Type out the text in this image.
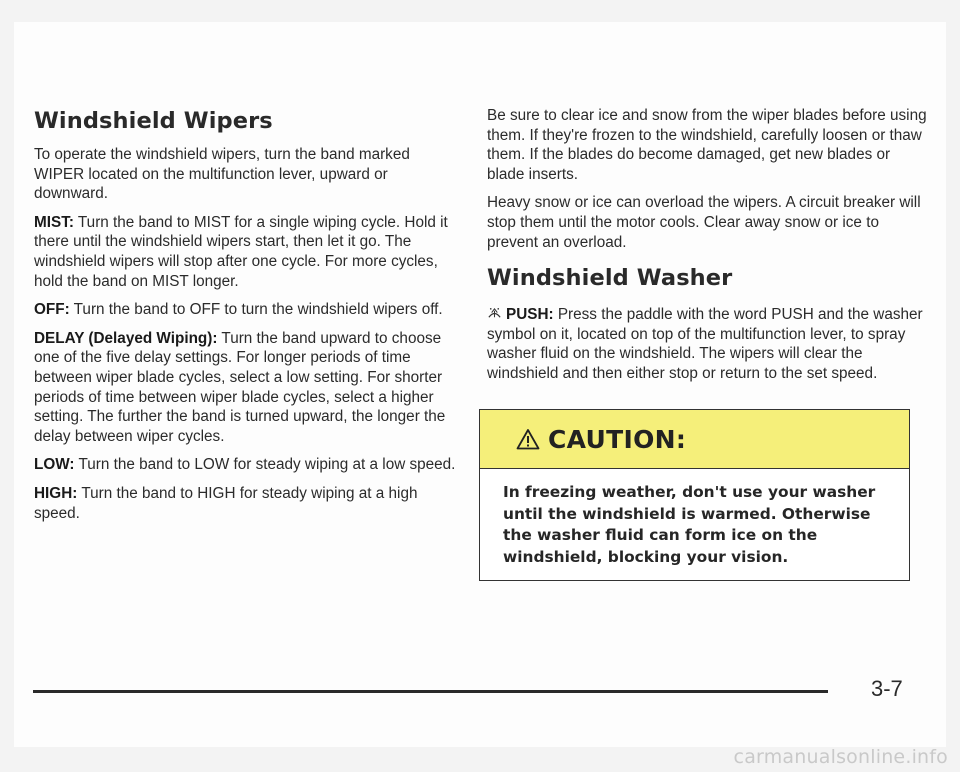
Windshield Wipers

To operate the windshield wipers, turn the band marked WIPER located on the multifunction lever, upward or downward.

MIST: Turn the band to MIST for a single wiping cycle. Hold it there until the windshield wipers start, then let it go. The windshield wipers will stop after one cycle. For more cycles, hold the band on MIST longer.

OFF: Turn the band to OFF to turn the windshield wipers off.

DELAY (Delayed Wiping): Turn the band upward to choose one of the five delay settings. For longer periods of time between wiper blade cycles, select a low setting. For shorter periods of time between wiper blade cycles, select a higher setting. The further the band is turned upward, the longer the delay between wiper cycles.

LOW: Turn the band to LOW for steady wiping at a low speed.

HIGH: Turn the band to HIGH for steady wiping at a high speed.

Be sure to clear ice and snow from the wiper blades before using them. If they're frozen to the windshield, carefully loosen or thaw them. If the blades do become damaged, get new blades or blade inserts.

Heavy snow or ice can overload the wipers. A circuit breaker will stop them until the motor cools. Clear away snow or ice to prevent an overload.

Windshield Washer

PUSH: Press the paddle with the word PUSH and the washer symbol on it, located on top of the multifunction lever, to spray washer fluid on the windshield. The wipers will clear the windshield and then either stop or return to the set speed.

CAUTION:
In freezing weather, don't use your washer until the windshield is warmed. Otherwise the washer fluid can form ice on the windshield, blocking your vision.
3-7
carmanualsonline.info
